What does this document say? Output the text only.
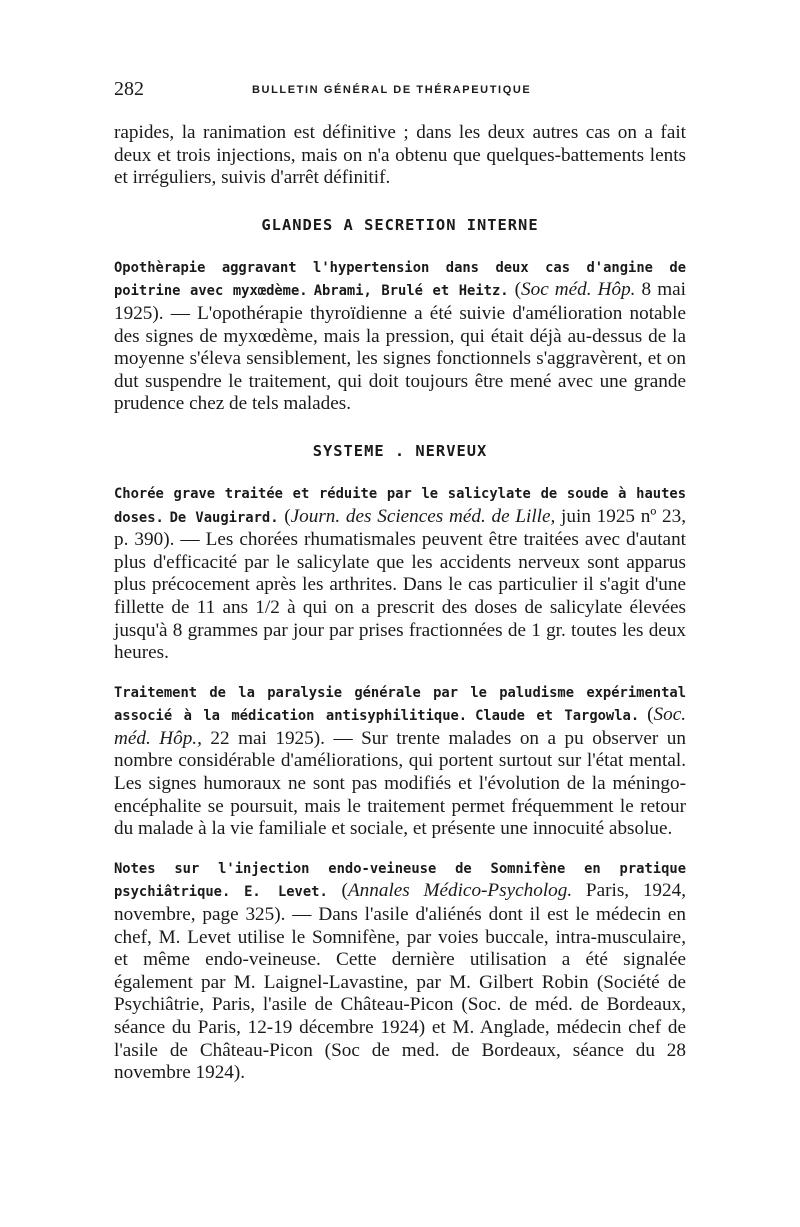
282	BULLETIN GÉNÉRAL DE THÉRAPEUTIQUE

rapides, la ranimation est définitive ; dans les deux autres cas on a fait deux et trois injections, mais on n'a obtenu que quelques-battements lents et irréguliers, suivis d'arrêt définitif.

GLANDES A SECRETION INTERNE

Opothèrapie aggravant l'hypertension dans deux cas d'angine de poitrine avec myxœdème. Abrami, Brulé et Heitz. (Soc méd. Hôp. 8 mai 1925). — L'opothérapie thyroïdienne a été suivie d'amélioration notable des signes de myxœdème, mais la pression, qui était déjà au-dessus de la moyenne s'éleva sensiblement, les signes fonctionnels s'aggravèrent, et on dut suspendre le traitement, qui doit toujours être mené avec une grande prudence chez de tels malades.

SYSTEME . NERVEUX

Chorée grave traitée et réduite par le salicylate de soude à hautes doses. De Vaugirard. (Journ. des Sciences méd. de Lille, juin 1925 nº 23, p. 390). — Les chorées rhumatismales peuvent être traitées avec d'autant plus d'efficacité par le salicylate que les accidents nerveux sont apparus plus précocement après les arthrites. Dans le cas particulier il s'agit d'une fillette de 11 ans 1/2 à qui on a prescrit des doses de salicylate élevées jusqu'à 8 grammes par jour par prises fractionnées de 1 gr. toutes les deux heures.

Traitement de la paralysie générale par le paludisme expérimental associé à la médication antisyphilitique. Claude et Targowla. (Soc. méd. Hôp., 22 mai 1925). — Sur trente malades on a pu observer un nombre considérable d'améliorations, qui portent surtout sur l'état mental. Les signes humoraux ne sont pas modifiés et l'évolution de la méningo-encéphalite se poursuit, mais le traitement permet fréquemment le retour du malade à la vie familiale et sociale, et présente une innocuité absolue.

Notes sur l'injection endo-veineuse de Somnifène en pratique psychiâtrique. E. Levet. (Annales Médico-Psycholog. Paris, 1924, novembre, page 325). — Dans l'asile d'aliénés dont il est le médecin en chef, M. Levet utilise le Somnifène, par voies buccale, intra-musculaire, et même endo-veineuse. Cette dernière utilisation a été signalée également par M. Laignel-Lavastine, par M. Gilbert Robin (Société de Psychiâtrie, Paris, l'asile de Château-Picon (Soc. de méd. de Bordeaux, séance du Paris, 12-19 décembre 1924) et M. Anglade, médecin chef de l'asile de Château-Picon (Soc de med. de Bordeaux, séance du 28 novembre 1924).
